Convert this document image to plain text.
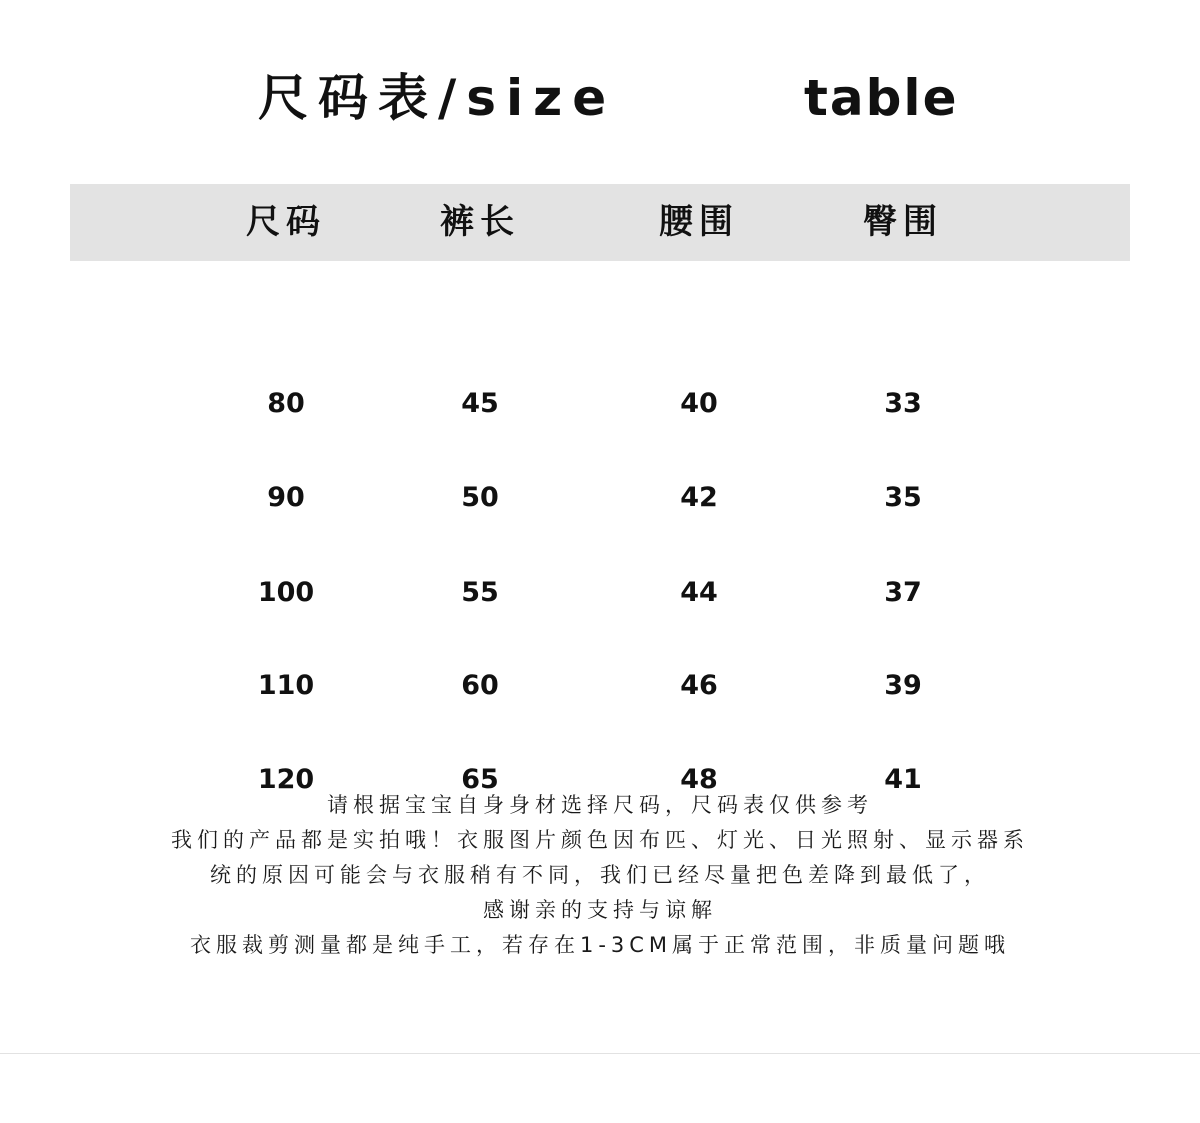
尺码表/size	table
尺码	裤长	腰围	臀围
80	45	40	33
90	50	42	35
100	55	44	37
110	60	46	39
120	65	48	41
请根据宝宝自身身材选择尺码，尺码表仅供参考
我们的产品都是实拍哦！衣服图片颜色因布匹、灯光、日光照射、显示器系
统的原因可能会与衣服稍有不同，我们已经尽量把色差降到最低了，
感谢亲的支持与谅解
衣服裁剪测量都是纯手工，若存在1-3CM属于正常范围，非质量问题哦
